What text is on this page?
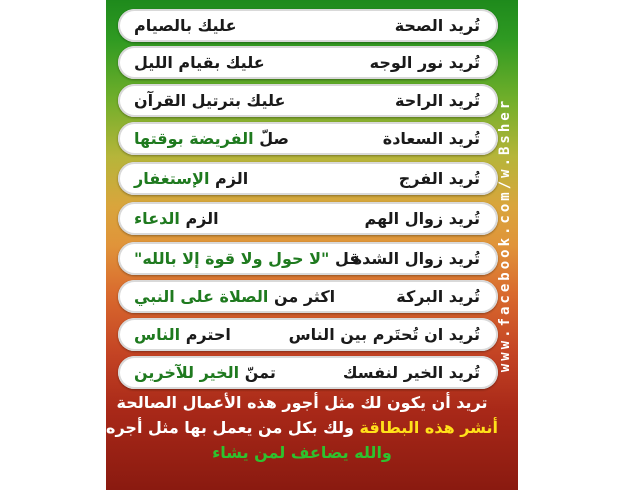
تُريد الصحة
عليك بالصيام
تُريد نور الوجه
عليك بقيام الليل
تُريد الراحة
عليك بترتيل القرآن
تُريد السعادة
صلّ الفريضة بوقتها
تُريد الفرج
الزم الإستغفار
تُريد زوال الهم
الزم الدعاء
تُريد زوال الشدة
قل "لا حول ولا قوة إلا بالله"
تُريد البركة
اكثر من الصلاة على النبي
تُريد ان تُحتَرم بين الناس
احترم الناس
تُريد الخير لنفسك
تمنّ الخير للآخرين
تريد أن يكون لك مثل أجور هذه الأعمال الصالحة
أنشر هذه البطاقة ولك بكل من يعمل بها مثل أجره
والله يضاعف لمن يشاء
www.facebook.com/w.Bsher
